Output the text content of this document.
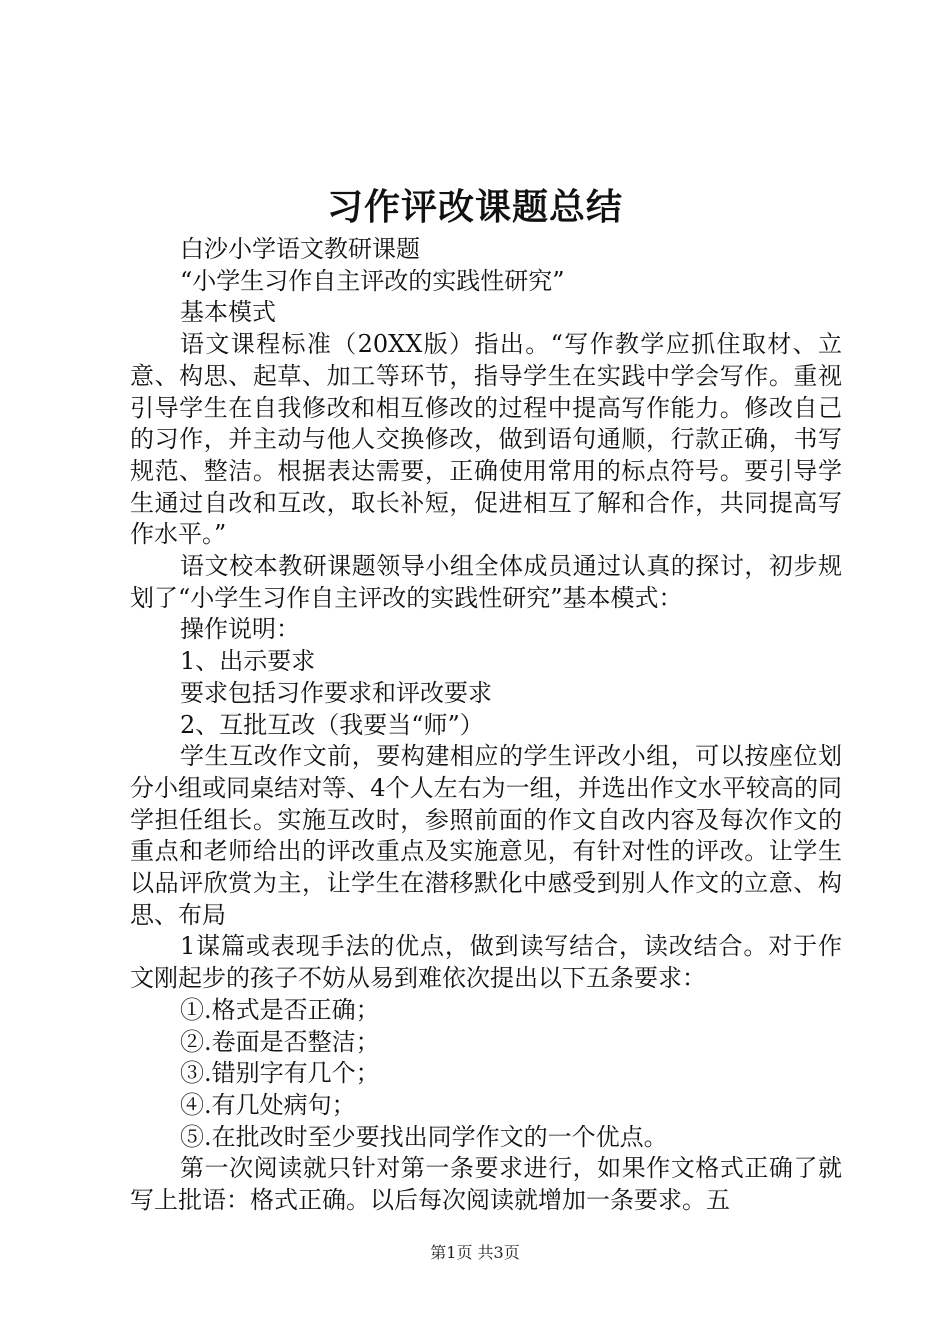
习作评改课题总结

白沙小学语文教研课题

“小学生习作自主评改的实践性研究”

基本模式

语文课程标准（20XX版）指出。“写作教学应抓住取材、立意、构思、起草、加工等环节，指导学生在实践中学会写作。重视引导学生在自我修改和相互修改的过程中提高写作能力。修改自己的习作，并主动与他人交换修改，做到语句通顺，行款正确，书写规范、整洁。根据表达需要，正确使用常用的标点符号。要引导学生通过自改和互改，取长补短，促进相互了解和合作，共同提高写作水平。”

语文校本教研课题领导小组全体成员通过认真的探讨，初步规划了“小学生习作自主评改的实践性研究”基本模式：

操作说明：

1、出示要求

要求包括习作要求和评改要求

2、互批互改（我要当“师”）

学生互改作文前，要构建相应的学生评改小组，可以按座位划分小组或同桌结对等、4个人左右为一组，并选出作文水平较高的同学担任组长。实施互改时，参照前面的作文自改内容及每次作文的重点和老师给出的评改重点及实施意见，有针对性的评改。让学生以品评欣赏为主，让学生在潜移默化中感受到别人作文的立意、构思、布局

1谋篇或表现手法的优点，做到读写结合，读改结合。对于作文刚起步的孩子不妨从易到难依次提出以下五条要求：

①.格式是否正确；

②.卷面是否整洁；

③.错别字有几个；

④.有几处病句；

⑤.在批改时至少要找出同学作文的一个优点。

第一次阅读就只针对第一条要求进行，如果作文格式正确了就写上批语：格式正确。以后每次阅读就增加一条要求。五

第1页 共3页
